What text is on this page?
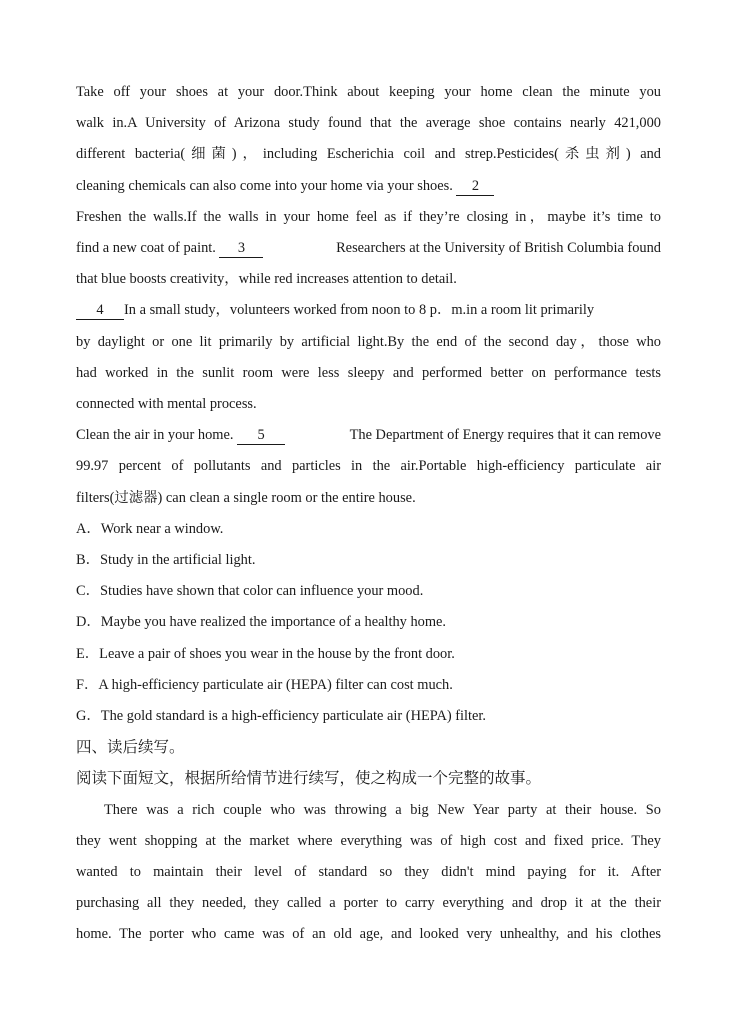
Take off your shoes at your door.Think about keeping your home clean the minute you
walk in.A University of Arizona study found that the average shoe contains nearly 421,000
different bacteria(细菌)，including Escherichia coil and strep.Pesticides(杀虫剂) and
cleaning chemicals can also come into your home via your shoes. 2
Freshen the walls.If the walls in your home feel as if they’re closing in，maybe it’s time to
find a new coat of paint. 3	Researchers at the University of British Columbia found
that blue boosts creativity，while red increases attention to detail.
4 In a small study，volunteers worked from noon to 8 p．m.in a room lit primarily
by daylight or one lit primarily by artificial light.By the end of the second day，those who
had worked in the sunlit room were less sleepy and performed better on performance tests
connected with mental process.
Clean the air in your home. 5	The Department of Energy requires that it can remove
99.97 percent of pollutants and particles in the air.Portable high-efficiency particulate air
filters(过滤器) can clean a single room or the entire house.
A．Work near a window.
B．Study in the artificial light.
C．Studies have shown that color can influence your mood.
D．Maybe you have realized the importance of a healthy home.
E．Leave a pair of shoes you wear in the house by the front door.
F．A high-efficiency particulate air (HEPA) filter can cost much.
G．The gold standard is a high-efficiency particulate air (HEPA) filter.
四、读后续写。
阅读下面短文，根据所给情节进行续写，使之构成一个完整的故事。
There was a rich couple who was throwing a big New Year party at their house. So
they went shopping at the market where everything was of high cost and fixed price. They
wanted to maintain their level of standard so they didn't mind paying for it. After
purchasing all they needed, they called a porter to carry everything and drop it at the their
home. The porter who came was of an old age, and looked very unhealthy, and his clothes
